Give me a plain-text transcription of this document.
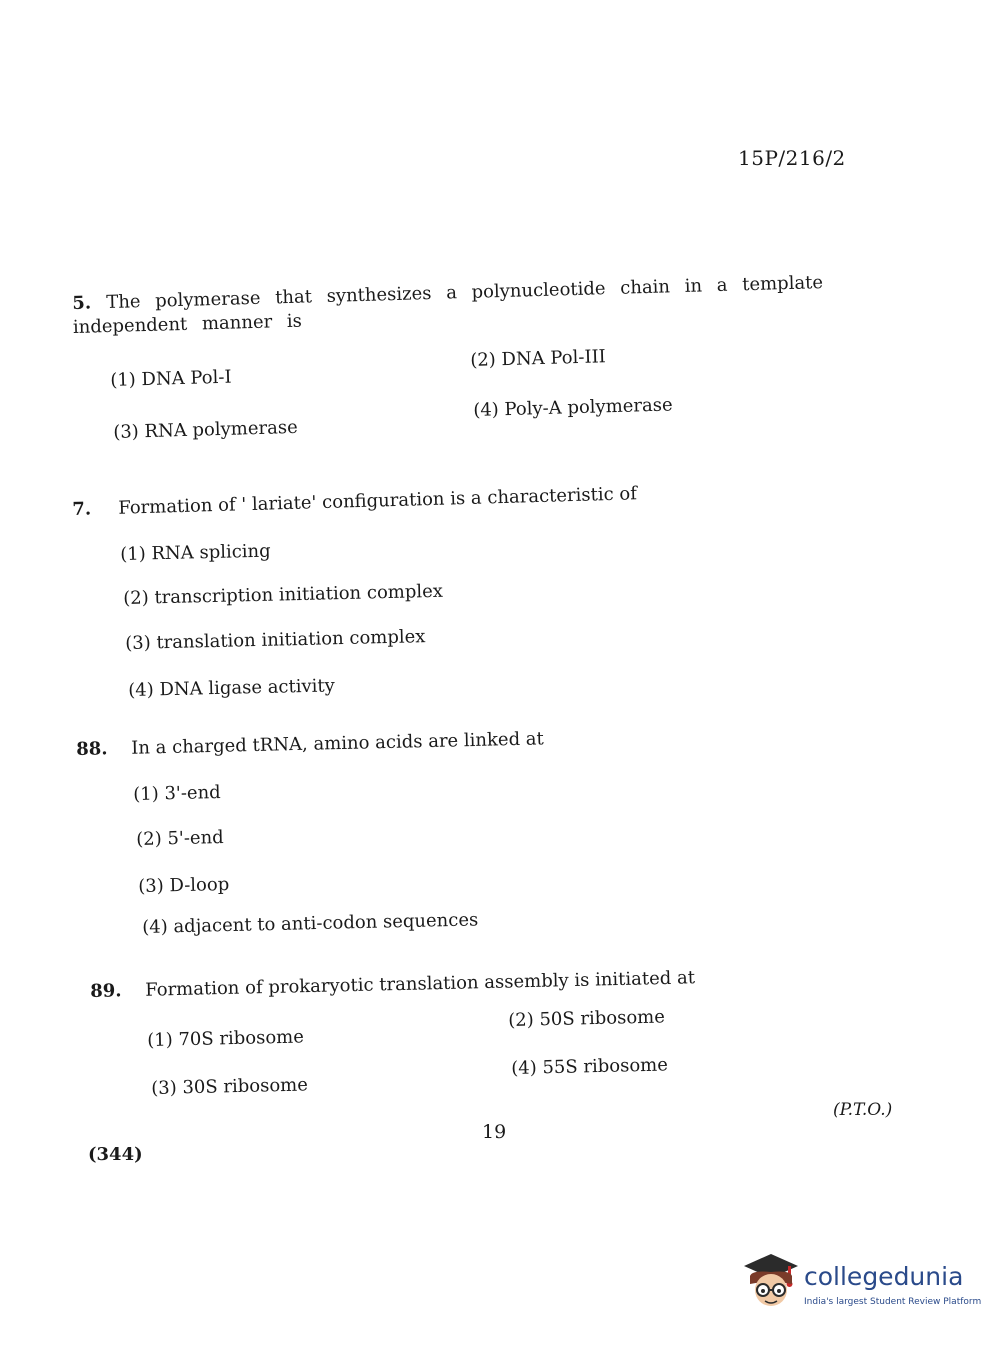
15P/216/2
5. The polymerase that synthesizes a polynucleotide chain in a template independent manner is
(1) DNA Pol-I
(2) DNA Pol-III
(3) RNA polymerase
(4) Poly-A polymerase
7. Formation of ' lariate' configuration is a characteristic of
(1) RNA splicing
(2) transcription initiation complex
(3) translation initiation complex
(4) DNA ligase activity
88. In a charged tRNA, amino acids are linked at
(1) 3'-end
(2) 5'-end
(3) D-loop
(4) adjacent to anti-codon sequences
89. Formation of prokaryotic translation assembly is initiated at
(1) 70S ribosome
(2) 50S ribosome
(3) 30S ribosome
(4) 55S ribosome
(P.T.O.)
19
(344)
collegedunia
India's largest Student Review Platform
